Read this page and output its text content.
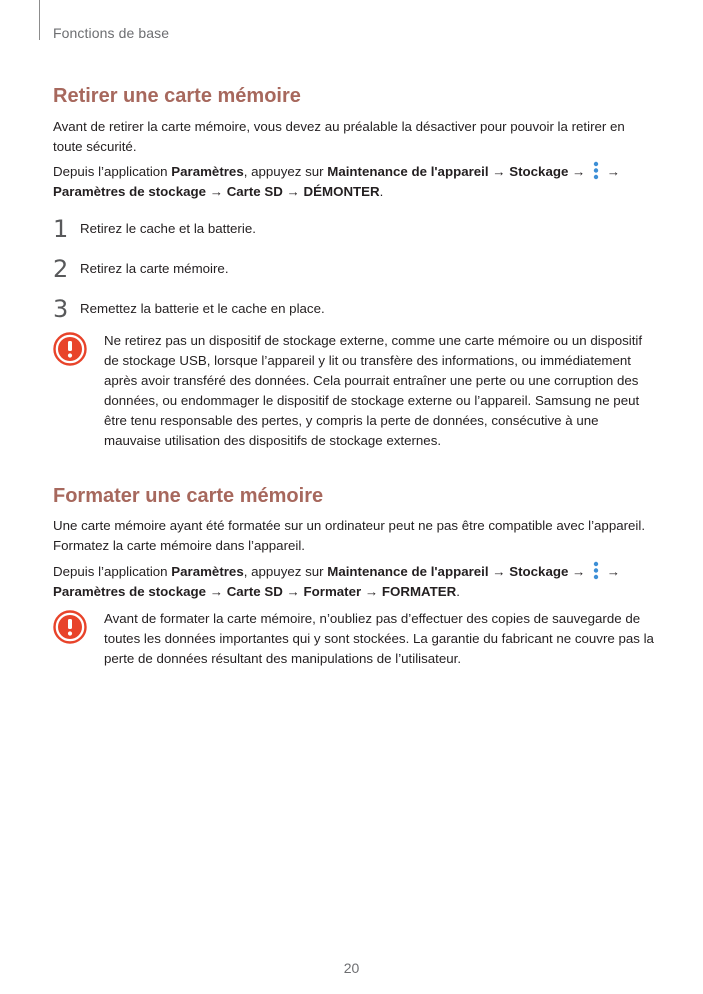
Fonctions de base
Retirer une carte mémoire

Avant de retirer la carte mémoire, vous devez au préalable la désactiver pour pouvoir la retirer en toute sécurité.

Depuis l’application Paramètres, appuyez sur Maintenance de l'appareil → Stockage →  → Paramètres de stockage → Carte SD → DÉMONTER.

1 Retirez le cache et la batterie.
2 Retirez la carte mémoire.
3 Remettez la batterie et le cache en place.

Ne retirez pas un dispositif de stockage externe, comme une carte mémoire ou un dispositif de stockage USB, lorsque l’appareil y lit ou transfère des informations, ou immédiatement après avoir transféré des données. Cela pourrait entraîner une perte ou une corruption des données, ou endommager le dispositif de stockage externe ou l’appareil. Samsung ne peut être tenu responsable des pertes, y compris la perte de données, consécutive à une mauvaise utilisation des dispositifs de stockage externes.

Formater une carte mémoire

Une carte mémoire ayant été formatée sur un ordinateur peut ne pas être compatible avec l’appareil. Formatez la carte mémoire dans l’appareil.

Depuis l’application Paramètres, appuyez sur Maintenance de l'appareil → Stockage →  → Paramètres de stockage → Carte SD → Formater → FORMATER.

Avant de formater la carte mémoire, n’oubliez pas d’effectuer des copies de sauvegarde de toutes les données importantes qui y sont stockées. La garantie du fabricant ne couvre pas la perte de données résultant des manipulations de l’utilisateur.

20
